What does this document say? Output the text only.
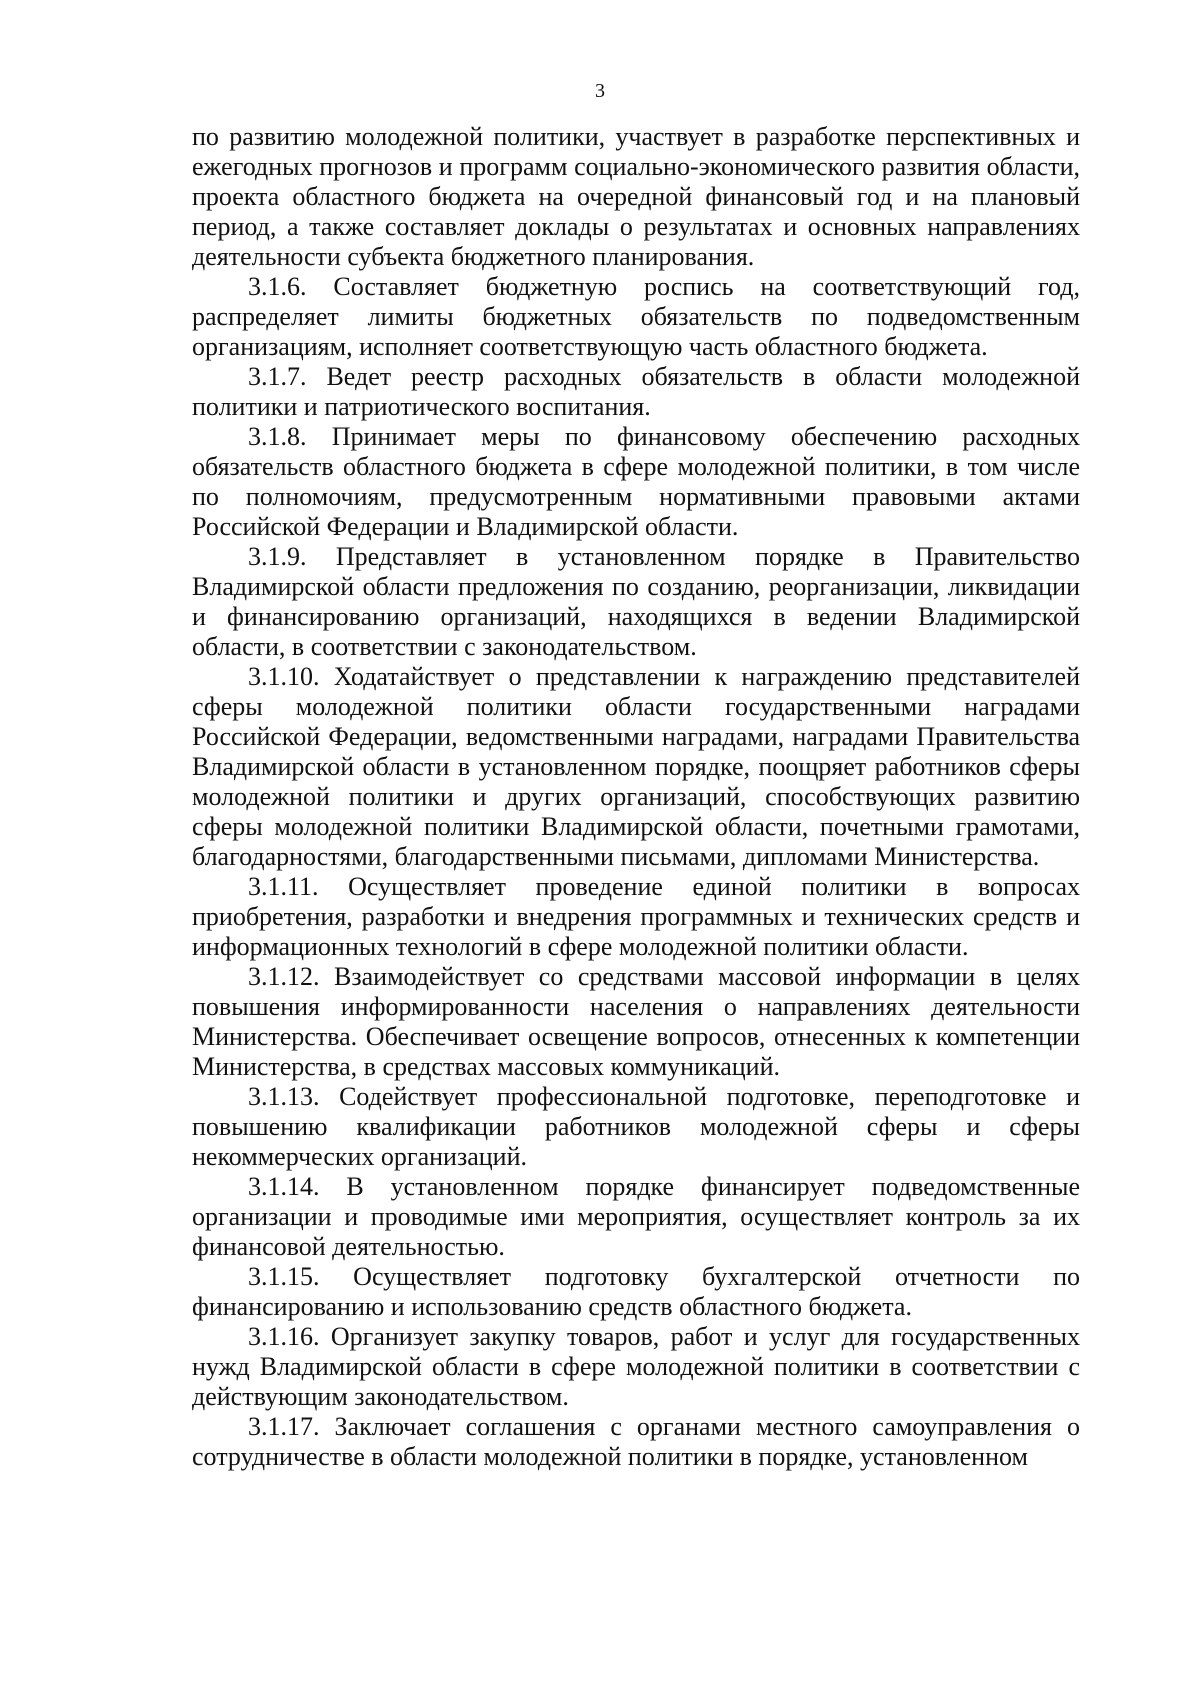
3

по развитию молодежной политики, участвует в разработке перспективных и ежегодных прогнозов и программ социально-экономического развития области, проекта областного бюджета на очередной финансовый год и на плановый период, а также составляет доклады о результатах и основных направлениях деятельности субъекта бюджетного планирования.

3.1.6. Составляет бюджетную роспись на соответствующий год, распределяет лимиты бюджетных обязательств по подведомственным организациям, исполняет соответствующую часть областного бюджета.

3.1.7. Ведет реестр расходных обязательств в области молодежной политики и патриотического воспитания.

3.1.8. Принимает меры по финансовому обеспечению расходных обязательств областного бюджета в сфере молодежной политики, в том числе по полномочиям, предусмотренным нормативными правовыми актами Российской Федерации и Владимирской области.

3.1.9. Представляет в установленном порядке в Правительство Владимирской области предложения по созданию, реорганизации, ликвидации и финансированию организаций, находящихся в ведении Владимирской области, в соответствии с законодательством.

3.1.10. Ходатайствует о представлении к награждению представителей сферы молодежной политики области государственными наградами Российской Федерации, ведомственными наградами, наградами Правительства Владимирской области в установленном порядке, поощряет работников сферы молодежной политики и других организаций, способствующих развитию сферы молодежной политики Владимирской области, почетными грамотами, благодарностями, благодарственными письмами, дипломами Министерства.

3.1.11. Осуществляет проведение единой политики в вопросах приобретения, разработки и внедрения программных и технических средств и информационных технологий в сфере молодежной политики области.

3.1.12. Взаимодействует со средствами массовой информации в целях повышения информированности населения о направлениях деятельности Министерства. Обеспечивает освещение вопросов, отнесенных к компетенции Министерства, в средствах массовых коммуникаций.

3.1.13. Содействует профессиональной подготовке, переподготовке и повышению квалификации работников молодежной сферы и сферы некоммерческих организаций.

3.1.14. В установленном порядке финансирует подведомственные организации и проводимые ими мероприятия, осуществляет контроль за их финансовой деятельностью.

3.1.15. Осуществляет подготовку бухгалтерской отчетности по финансированию и использованию средств областного бюджета.

3.1.16. Организует закупку товаров, работ и услуг для государственных нужд Владимирской области в сфере молодежной политики в соответствии с действующим законодательством.

3.1.17. Заключает соглашения с органами местного самоуправления о сотрудничестве в области молодежной политики в порядке, установленном
